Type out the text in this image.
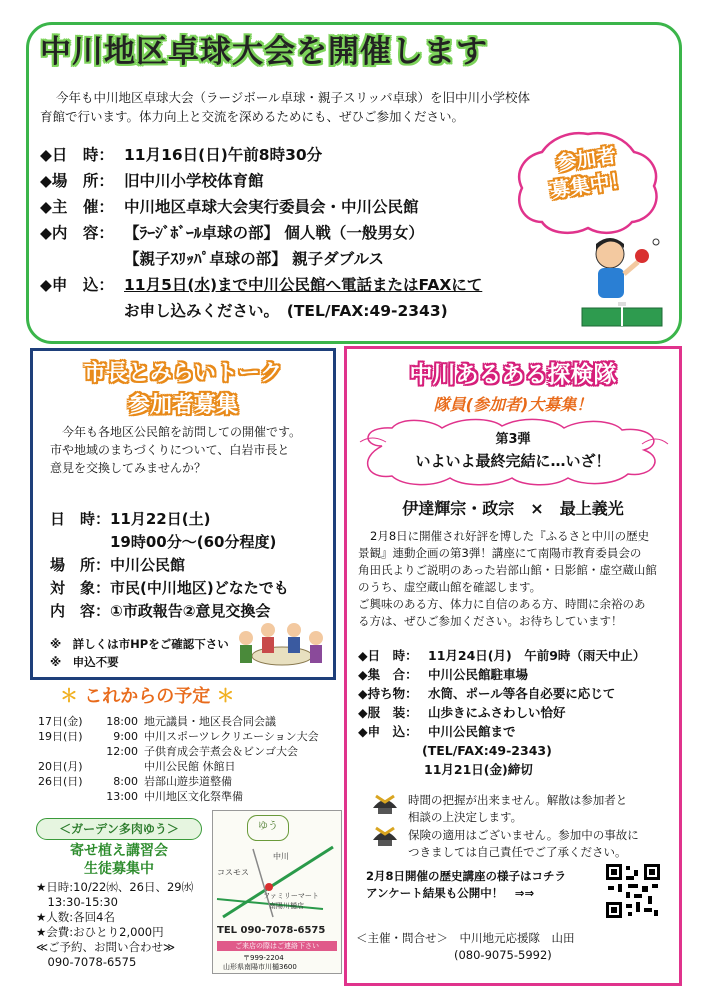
中川地区卓球大会を開催します
今年も中川地区卓球大会（ラージボール卓球・親子スリッパ卓球）を旧中川小学校体
育館で行います。体力向上と交流を深めるためにも、ぜひご参加ください。
◆日　時： 11月16日(日)午前8時30分
◆場　所： 旧中川小学校体育館
◆主　催： 中川地区卓球大会実行委員会・中川公民館
◆内　容： 【ﾗｰｼﾞﾎﾞｰﾙ卓球の部】 個人戦（一般男女）
【親子ｽﾘｯﾊﾟ卓球の部】 親子ダブルス
◆申　込： 11月5日(水)まで中川公民館へ電話またはFAXにて
お申し込みください。　(TEL/FAX:49-2343)
参加者
募集中！
市長とみらいトーク
参加者募集
今年も各地区公民館を訪問しての開催です。
市や地域のまちづくりについて、白岩市長と
意見を交換してみませんか？
日　時：11月22日(土)
　　　　19時00分～(60分程度)
場　所：中川公民館
対　象：市民(中川地区)どなたでも
内　容：①市政報告②意見交換会
※　詳しくは市HPをご確認下さい
※　申込不要
＊ これからの予定 ＊
17日(金) 18:00 地元議員・地区長合同会議
19日(日)	9:00 中川スポーツレクリエーション大会
12:00 子供育成会芋煮会＆ビンゴ大会
20日(月)	中川公民館 休館日
26日(日)	8:00 岩部山遊歩道整備
13:00 中川地区文化祭準備
＜ガーデン多肉ゆう＞
寄せ植え講習会
生徒募集中
★日時:10/22㈬、26日、29㈬
　13:30-15:30
★人数:各回4名
★会費:おひとり2,000円
≪ご予約、お問い合わせ≫
　090-7078-6575
ゆう
中川
コスモス
ファミリーマート
南陽川樋店
TEL 090-7078-6575
ご来店の際はご連絡下さい
〒999-2204
山形県南陽市川樋3600
中川あるある探検隊
隊員(参加者)大募集！
第3弾
いよいよ最終完結に…いざ！
伊達輝宗・政宗　×　最上義光
2月8日に開催され好評を博した『ふるさと中川の歴史
景観』連動企画の第3弾！講座にて南陽市教育委員会の
角田氏よりご説明のあった岩部山館・日影館・虚空蔵山館
のうち、虚空蔵山館を確認します。
ご興味のある方、体力に自信のある方、時間に余裕のあ
る方は、ぜひご参加ください。お待ちしています！
◆日　時： 11月24日(月)　午前9時（雨天中止）
◆集　合： 中川公民館駐車場
◆持ち物： 水筒、ポール等各自必要に応じて
◆服　装： 山歩きにふさわしい恰好
◆申　込： 中川公民館まで
(TEL/FAX:49-2343)
11月21日(金)締切
時間の把握が出来ません。解散は参加者と
相談の上決定します。
保険の適用はございません。参加中の事故に
つきましては自己責任でご了承ください。
2月8日開催の歴史講座の様子はコチラ
アンケート結果も公開中！　⇒⇒
＜主催・問合せ＞　中川地元応援隊　山田
(080-9075-5992)
